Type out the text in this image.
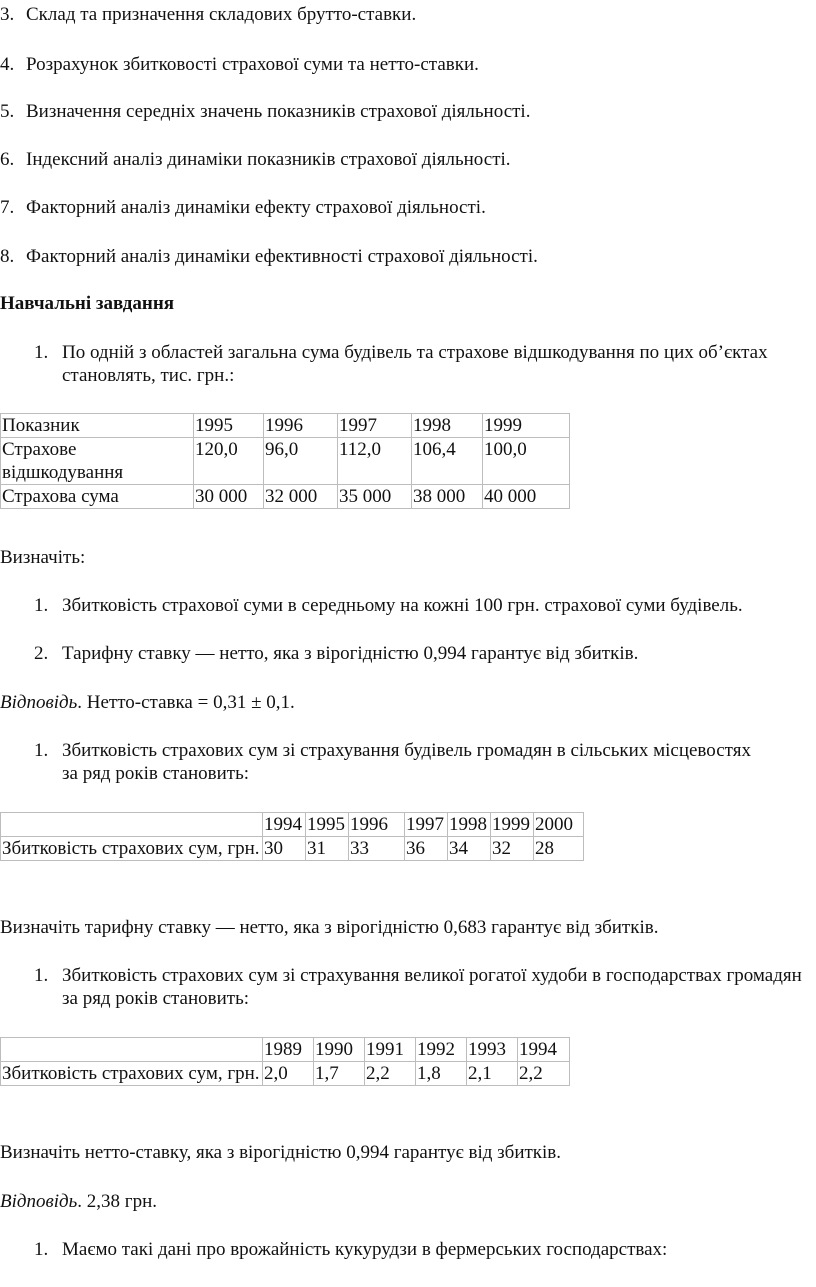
3. Склад та призначення складових брутто-ставки.
4. Розрахунок збитковості страхової суми та нетто-ставки.
5. Визначення середніх значень показників страхової діяльності.
6. Індексний аналіз динаміки показників страхової діяльності.
7. Факторний аналіз динаміки ефекту страхової діяльності.
8. Факторний аналіз динаміки ефективності страхової діяльності.
Навчальні завдання
1. По одній з областей загальна сума будівель та страхове відшкодування по цих об’єктах становлять, тис. грн.:
Показник	1995	1996	1997	1998	1999
Страхове відшкодування	120,0	96,0	112,0	106,4	100,0
Страхова сума	30 000	32 000	35 000	38 000	40 000
Визначіть:
1. Збитковість страхової суми в середньому на кожні 100 грн. страхової суми будівель.
2. Тарифну ставку — нетто, яка з вірогідністю 0,994 гарантує від збитків.
Відповідь. Нетто-ставка = 0,31 ± 0,1.
1. Збитковість страхових сум зі страхування будівель громадян в сільських місцевостях за ряд років становить:
	1994	1995	1996	1997	1998	1999	2000
Збитковість страхових сум, грн.	30	31	33	36	34	32	28
Визначіть тарифну ставку — нетто, яка з вірогідністю 0,683 гарантує від збитків.
1. Збитковість страхових сум зі страхування великої рогатої худоби в господарствах громадян за ряд років становить:
	1989	1990	1991	1992	1993	1994
Збитковість страхових сум, грн.	2,0	1,7	2,2	1,8	2,1	2,2
Визначіть нетто-ставку, яка з вірогідністю 0,994 гарантує від збитків.
Відповідь. 2,38 грн.
1. Маємо такі дані про врожайність кукурудзи в фермерських господарствах:
